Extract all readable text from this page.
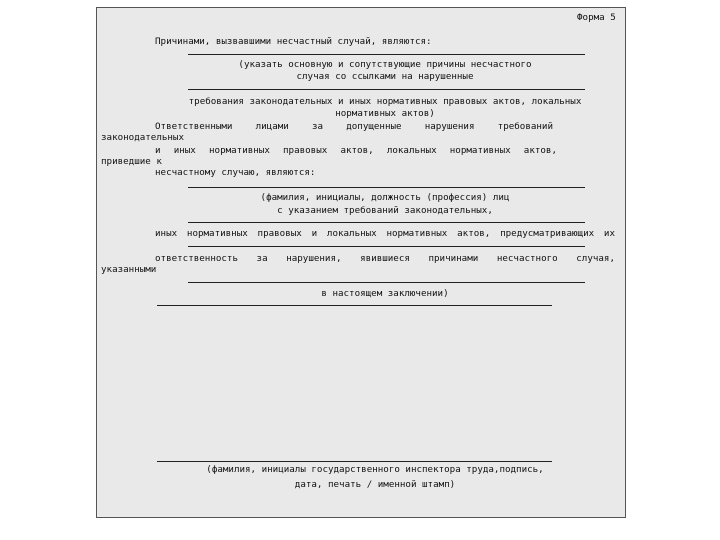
Форма 5
Причинами, вызвавшими несчастный случай, являются:
(указать основную и сопутствующие причины несчастного
случая со ссылками на нарушенные
требования законодательных и иных нормативных правовых актов, локальных
нормативных актов)
Ответственными лицами за допущенные нарушения требований
законодательных
и иных нормативных правовых актов, локальных нормативных актов,
приведшие к
несчастному случаю, являются:
(фамилия, инициалы, должность (профессия) лиц
с указанием требований законодательных,
иных нормативных правовых и локальных нормативных актов, предусматривающих их
ответственность за нарушения, явившиеся причинами несчастного случая,
указанными
в настоящем заключении)
(фамилия, инициалы государственного инспектора труда,подпись,
дата, печать / именной штамп)
